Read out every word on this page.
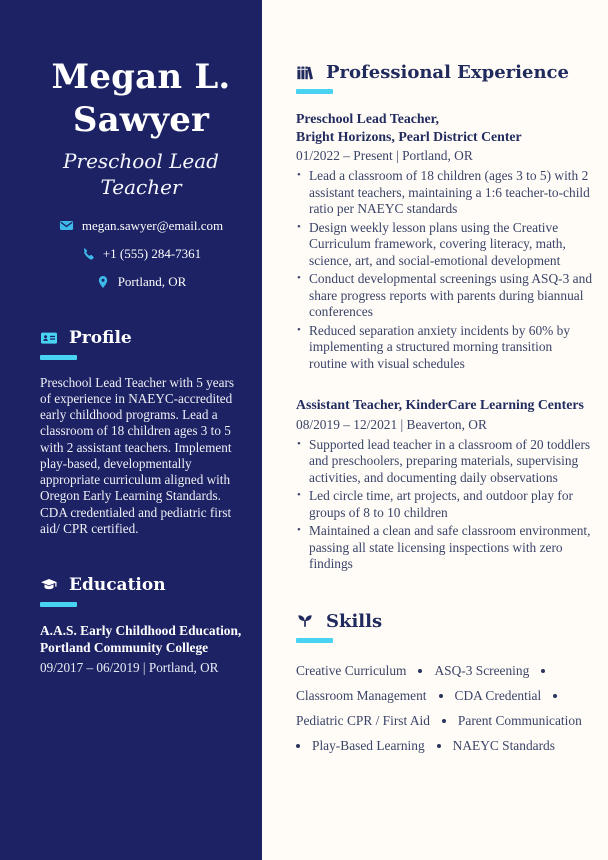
Megan L. Sawyer
Preschool Lead Teacher
megan.sawyer@email.com
+1 (555) 284-7361
Portland, OR
Profile

Preschool Lead Teacher with 5 years of experience in NAEYC-accredited early childhood programs. Lead a classroom of 18 children ages 3 to 5 with 2 assistant teachers. Implement play-based, developmentally appropriate curriculum aligned with Oregon Early Learning Standards. CDA credentialed and pediatric first aid/ CPR certified.

Education
A.A.S. Early Childhood Education,
Portland Community College
09/2017 – 06/2019 | Portland, OR
Professional Experience
Preschool Lead Teacher,
Bright Horizons, Pearl District Center
01/2022 – Present | Portland, OR
• Lead a classroom of 18 children (ages 3 to 5) with 2 assistant teachers, maintaining a 1:6 teacher-to-child ratio per NAEYC standards
• Design weekly lesson plans using the Creative Curriculum framework, covering literacy, math, science, art, and social-emotional development
• Conduct developmental screenings using ASQ-3 and share progress reports with parents during biannual conferences
• Reduced separation anxiety incidents by 60% by implementing a structured morning transition routine with visual schedules
Assistant Teacher, KinderCare Learning Centers
08/2019 – 12/2021 | Beaverton, OR
• Supported lead teacher in a classroom of 20 toddlers and preschoolers, preparing materials, supervising activities, and documenting daily observations
• Led circle time, art projects, and outdoor play for groups of 8 to 10 children
• Maintained a clean and safe classroom environment, passing all state licensing inspections with zero findings
Skills
Creative Curriculum ASQ-3 Screening
Classroom Management CDA Credential
Pediatric CPR / First Aid Parent Communication
Play-Based Learning NAEYC Standards
